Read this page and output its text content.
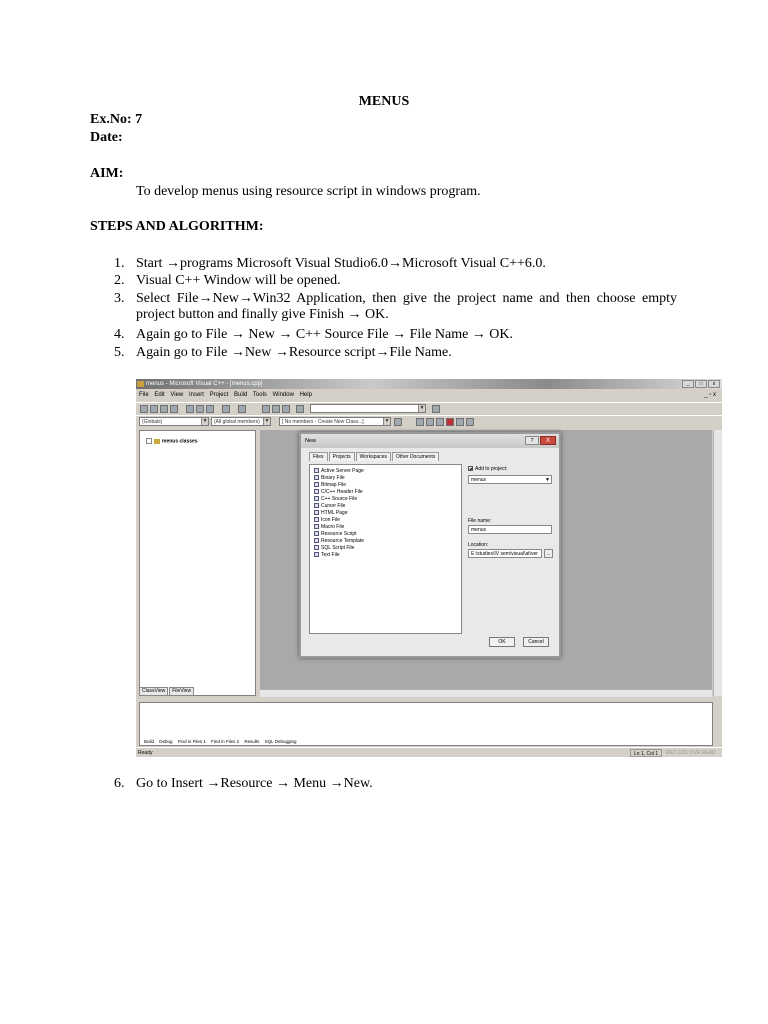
MENUS
Ex.No: 7
Date:
AIM:
To develop menus using resource script in windows program.
STEPS AND ALGORITHM:
1. Start →programs Microsoft Visual Studio6.0→Microsoft Visual C++6.0.
2. Visual C++ Window will be opened.
3. Select File→New→Win32 Application, then give the project name and then choose empty project button and finally give Finish → OK.
4. Again go to File → New → C++ Source File → File Name → OK.
5. Again go to File →New →Resource script→File Name.
menus - Microsoft Visual C++ - [menus.cpp]	_	□	x
File Edit View Insert Project Build Tools Window Help	_ ▫ x
▼
(Globals)	▼	(All global members) ▼	[ No members - Create New Class...]	▼
menus classes
ClassView FileView
Build Debug Find in Files 1 Find in Files 2 Results SQL Debugging
Ready	Ln 1, Col 1	REC COL OVR READ
New	?	X
Files Projects Workspaces Other Documents
Active Server Page
Binary File
Bitmap File
C/C++ Header File
C++ Source File
Cursor File
HTML Page
Icon File
Macro File
Resource Script
Resource Template
SQL Script File
Text File
Add to project:
menus	▼
File name:
menus
Location:
E:\studies\IV sem\visual\at\ver	...
OK	Cancel
6. Go to Insert →Resource → Menu →New.
